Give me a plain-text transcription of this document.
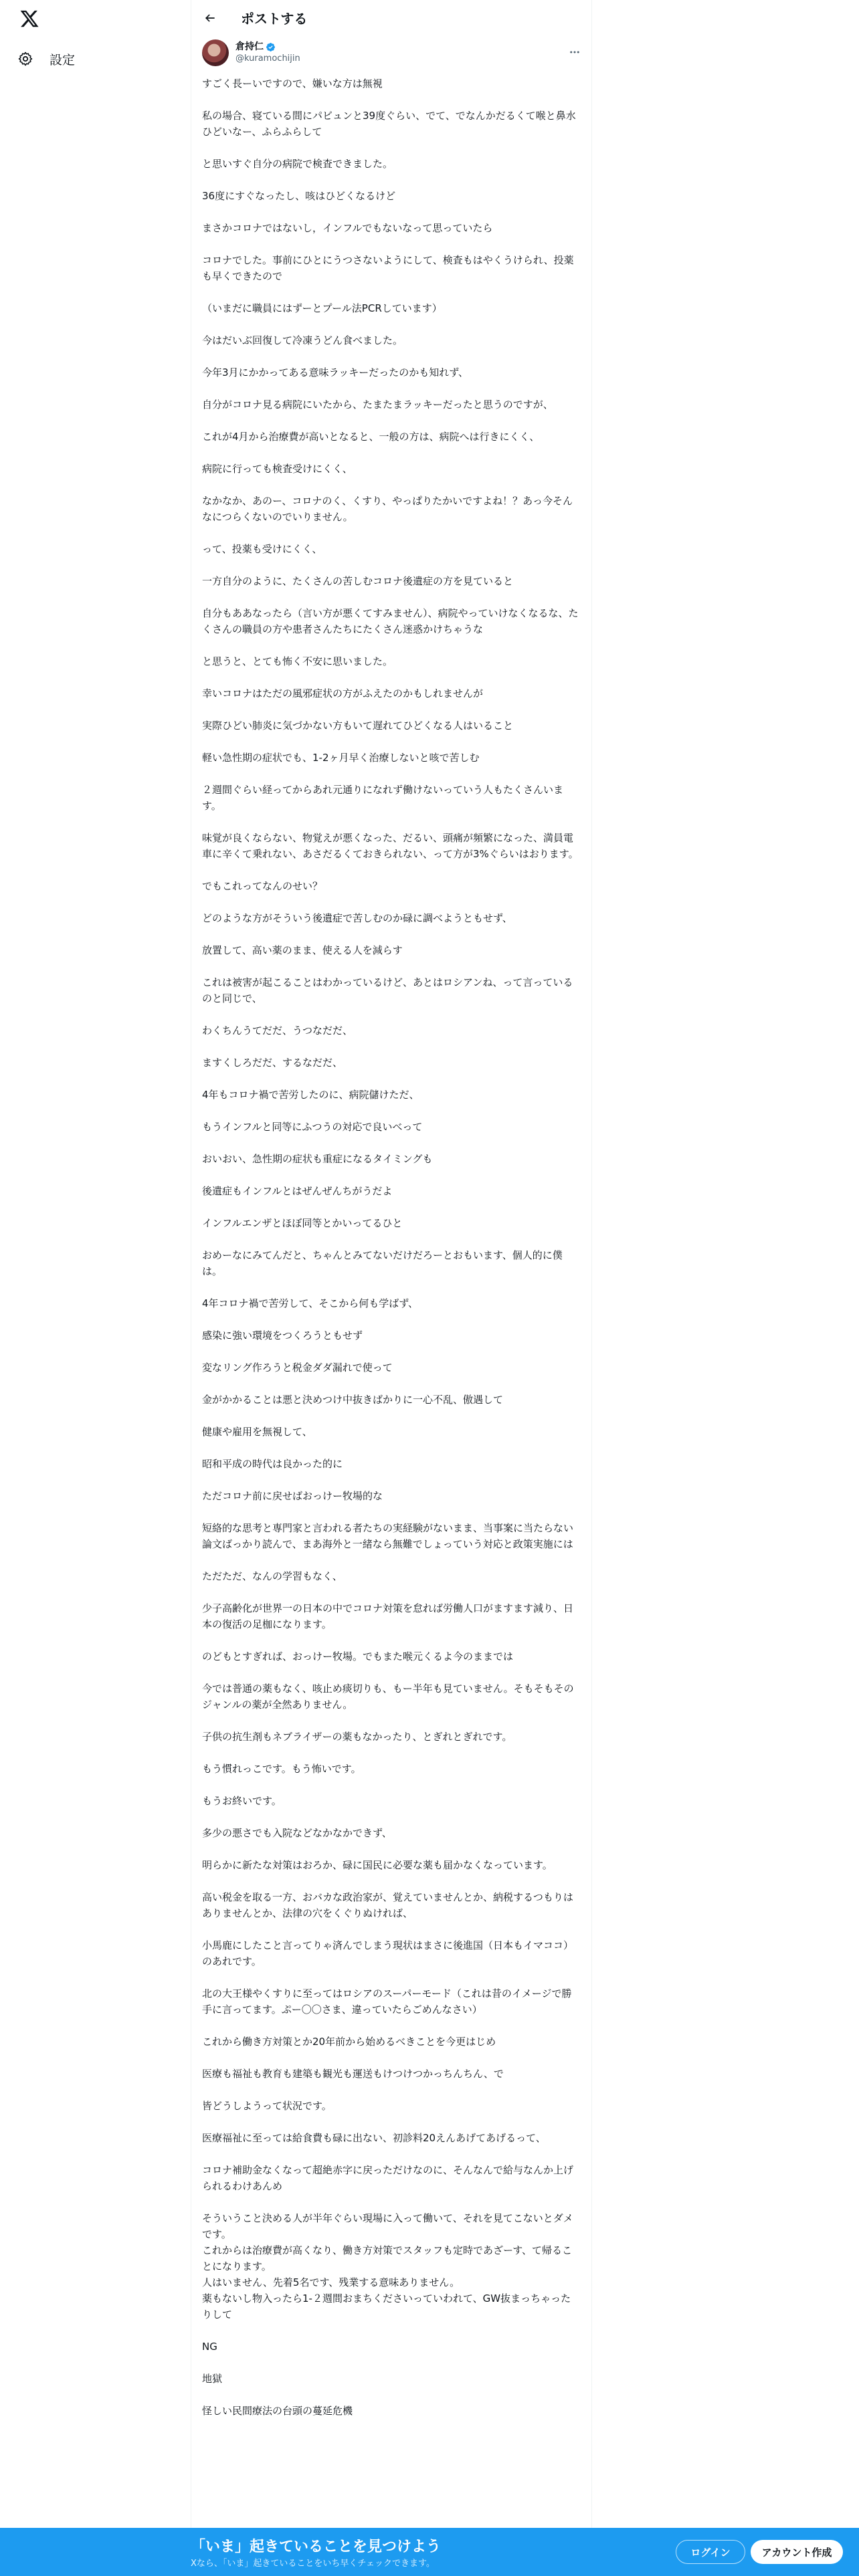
設定
ポストする
倉持仁
@kuramochijin

すごく長ーいですので、嫌いな方は無視

私の場合、寝ている間にパビュンと39度ぐらい、でて、でなんかだるくて喉と鼻水ひどいなー、ふらふらして

と思いすぐ自分の病院で検査できました。

36度にすぐなったし、咳はひどくなるけど

まさかコロナではないし，インフルでもないなって思っていたら

コロナでした。事前にひとにうつさないようにして、検査もはやくうけられ、投薬も早くできたので

（いまだに職員にはずーとプール法PCRしています）

今はだいぶ回復して冷凍うどん食べました。

今年3月にかかってある意味ラッキーだったのかも知れず、

自分がコロナ見る病院にいたから、たまたまラッキーだったと思うのですが、

これが4月から治療費が高いとなると、一般の方は、病院へは行きにくく、

病院に行っても検査受けにくく、

なかなか、あのー、コロナのく、くすり、やっぱりたかいですよね！？あっ今そんなにつらくないのでいりません。

って、投薬も受けにくく、

一方自分のように、たくさんの苦しむコロナ後遺症の方を見ていると

自分もああなったら（言い方が悪くてすみません）、病院やっていけなくなるな、たくさんの職員の方や患者さんたちにたくさん迷惑かけちゃうな

と思うと、とても怖く不安に思いました。

幸いコロナはただの風邪症状の方がふえたのかもしれませんが

実際ひどい肺炎に気づかない方もいて遅れてひどくなる人はいること

軽い急性期の症状でも、1-2ヶ月早く治療しないと咳で苦しむ

２週間ぐらい経ってからあれ元通りになれず働けないっていう人もたくさんいます。

味覚が良くならない、物覚えが悪くなった、だるい、頭痛が頻繁になった、満員電車に辛くて乗れない、あさだるくておきられない、って方が3%ぐらいはおります。

でもこれってなんのせい？

どのような方がそういう後遺症で苦しむのか碌に調べようともせず、

放置して、高い薬のまま、使える人を減らす

これは被害が起こることはわかっているけど、あとはロシアンね、って言っているのと同じで、

わくちんうてだだ、うつなだだ、

ますくしろだだ、するなだだ、

4年もコロナ禍で苦労したのに、病院儲けただ、

もうインフルと同等にふつうの対応で良いべって

おいおい、急性期の症状も重症になるタイミングも

後遺症もインフルとはぜんぜんちがうだよ

インフルエンザとほぼ同等とかいってるひと

おめーなにみてんだと、ちゃんとみてないだけだろーとおもいます、個人的に僕は。

4年コロナ禍で苦労して、そこから何も学ばず、

感染に強い環境をつくろうともせず

変なリング作ろうと税金ダダ漏れで使って

金がかかることは悪と決めつけ中抜きばかりに一心不乱、傲遇して

健康や雇用を無視して、

昭和平成の時代は良かった的に

ただコロナ前に戻せばおっけー牧場的な

短絡的な思考と専門家と言われる者たちの実経験がないまま、当事案に当たらない論文ばっかり読んで、まあ海外と一緒なら無難でしょっていう対応と政策実施には

ただただ、なんの学習もなく、

少子高齢化が世界一の日本の中でコロナ対策を怠れば労働人口がますます減り、日本の復活の足枷になります。

のどもとすぎれば、おっけー牧場。でもまた喉元くるよ今のままでは

今では普通の薬もなく、咳止め痰切りも、もー半年も見ていません。そもそもそのジャンルの薬が全然ありません。

子供の抗生剤もネブライザーの薬もなかったり、とぎれとぎれです。

もう慣れっこです。もう怖いです。

もうお終いです。

多少の悪さでも入院などなかなかできず、

明らかに新たな対策はおろか、碌に国民に必要な薬も届かなくなっています。

高い税金を取る一方、おバカな政治家が、覚えていませんとか、納税するつもりはありませんとか、法律の穴をくぐりぬければ、

小馬鹿にしたこと言ってりゃ済んでしまう現状はまさに後進国（日本もイマココ）のあれです。

北の大王様やくすりに至ってはロシアのスーパーモード（これは昔のイメージで勝手に言ってます。ぷー〇〇さま、違っていたらごめんなさい）

これから働き方対策とか20年前から始めるべきことを今更はじめ

医療も福祉も教育も建築も観光も運送もけつけつかっちんちん、で

皆どうしようって状況です。

医療福祉に至っては給食費も碌に出ない、初診料20えんあげてあげるって、

コロナ補助金なくなって超絶赤字に戻っただけなのに、そんなんで給与なんか上げられるわけあんめ

そういうこと決める人が半年ぐらい現場に入って働いて、それを見てこないとダメです。
これからは治療費が高くなり、働き方対策でスタッフも定時であざーす、て帰ることになります。
人はいません、先着5名です、残業する意味ありません。
薬もないし物入ったら1-２週間おまちくださいっていわれて、GW抜まっちゃったりして

NG

地獄

怪しい民間療法の台頭の蔓延危機

「いま」起きていることを見つけよう
Xなら、「いま」起きていることをいち早くチェックできます。
ログイン	アカウント作成
